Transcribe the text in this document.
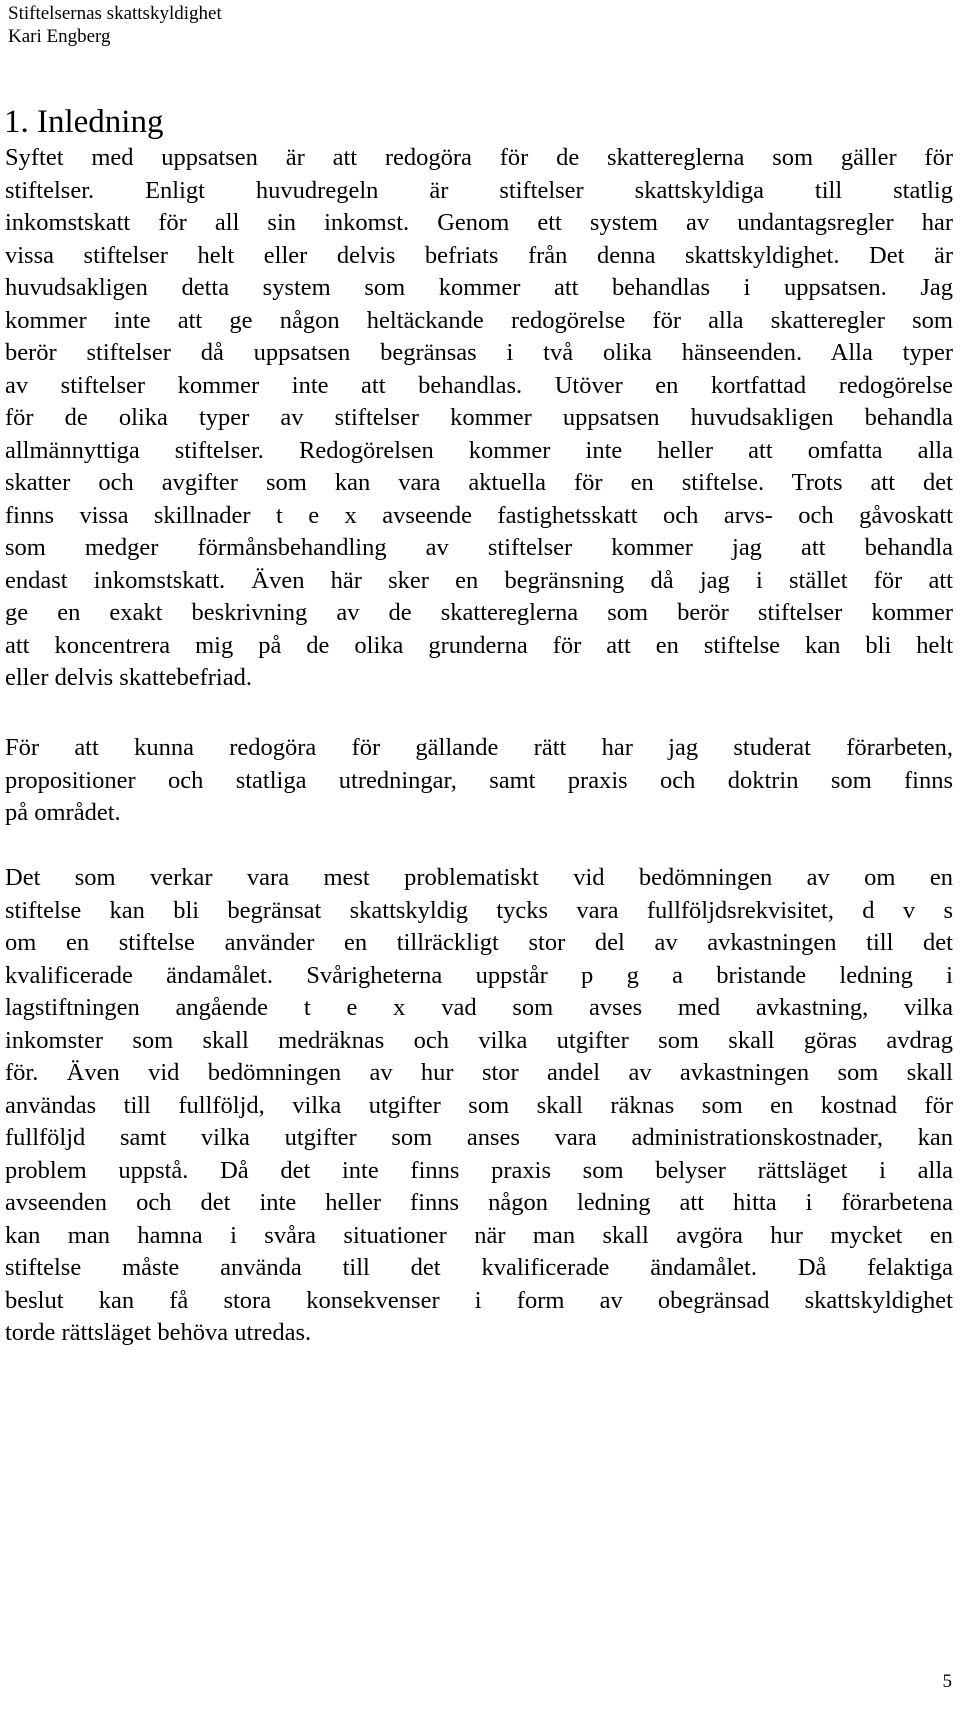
Stiftelsernas skattskyldighet
Kari Engberg
1. Inledning
Syftet med uppsatsen är att redogöra för de skattereglerna som gäller för
stiftelser. Enligt huvudregeln är stiftelser skattskyldiga till statlig
inkomstskatt för all sin inkomst. Genom ett system av undantagsregler har
vissa stiftelser helt eller delvis befriats från denna skattskyldighet. Det är
huvudsakligen detta system som kommer att behandlas i uppsatsen. Jag
kommer inte att ge någon heltäckande redogörelse för alla skatteregler som
berör stiftelser då uppsatsen begränsas i två olika hänseenden. Alla typer
av stiftelser kommer inte att behandlas. Utöver en kortfattad redogörelse
för de olika typer av stiftelser kommer uppsatsen huvudsakligen behandla
allmännyttiga stiftelser. Redogörelsen kommer inte heller att omfatta alla
skatter och avgifter som kan vara aktuella för en stiftelse. Trots att det
finns vissa skillnader t e x avseende fastighetsskatt och arvs- och gåvoskatt
som medger förmånsbehandling av stiftelser kommer jag att behandla
endast inkomstskatt. Även här sker en begränsning då jag i stället för att
ge en exakt beskrivning av de skattereglerna som berör stiftelser kommer
att koncentrera mig på de olika grunderna för att en stiftelse kan bli helt
eller delvis skattebefriad.
För att kunna redogöra för gällande rätt har jag studerat förarbeten,
propositioner och statliga utredningar, samt praxis och doktrin som finns
på området.
Det som verkar vara mest problematiskt vid bedömningen av om en
stiftelse kan bli begränsat skattskyldig tycks vara fullföljdsrekvisitet, d v s
om en stiftelse använder en tillräckligt stor del av avkastningen till det
kvalificerade ändamålet. Svårigheterna uppstår p g a bristande ledning i
lagstiftningen angående t e x vad som avses med avkastning, vilka
inkomster som skall medräknas och vilka utgifter som skall göras avdrag
för. Även vid bedömningen av hur stor andel av avkastningen som skall
användas till fullföljd, vilka utgifter som skall räknas som en kostnad för
fullföljd samt vilka utgifter som anses vara administrationskostnader, kan
problem uppstå. Då det inte finns praxis som belyser rättsläget i alla
avseenden och det inte heller finns någon ledning att hitta i förarbetena
kan man hamna i svåra situationer när man skall avgöra hur mycket en
stiftelse måste använda till det kvalificerade ändamålet. Då felaktiga
beslut kan få stora konsekvenser i form av obegränsad skattskyldighet
torde rättsläget behöva utredas.
5
